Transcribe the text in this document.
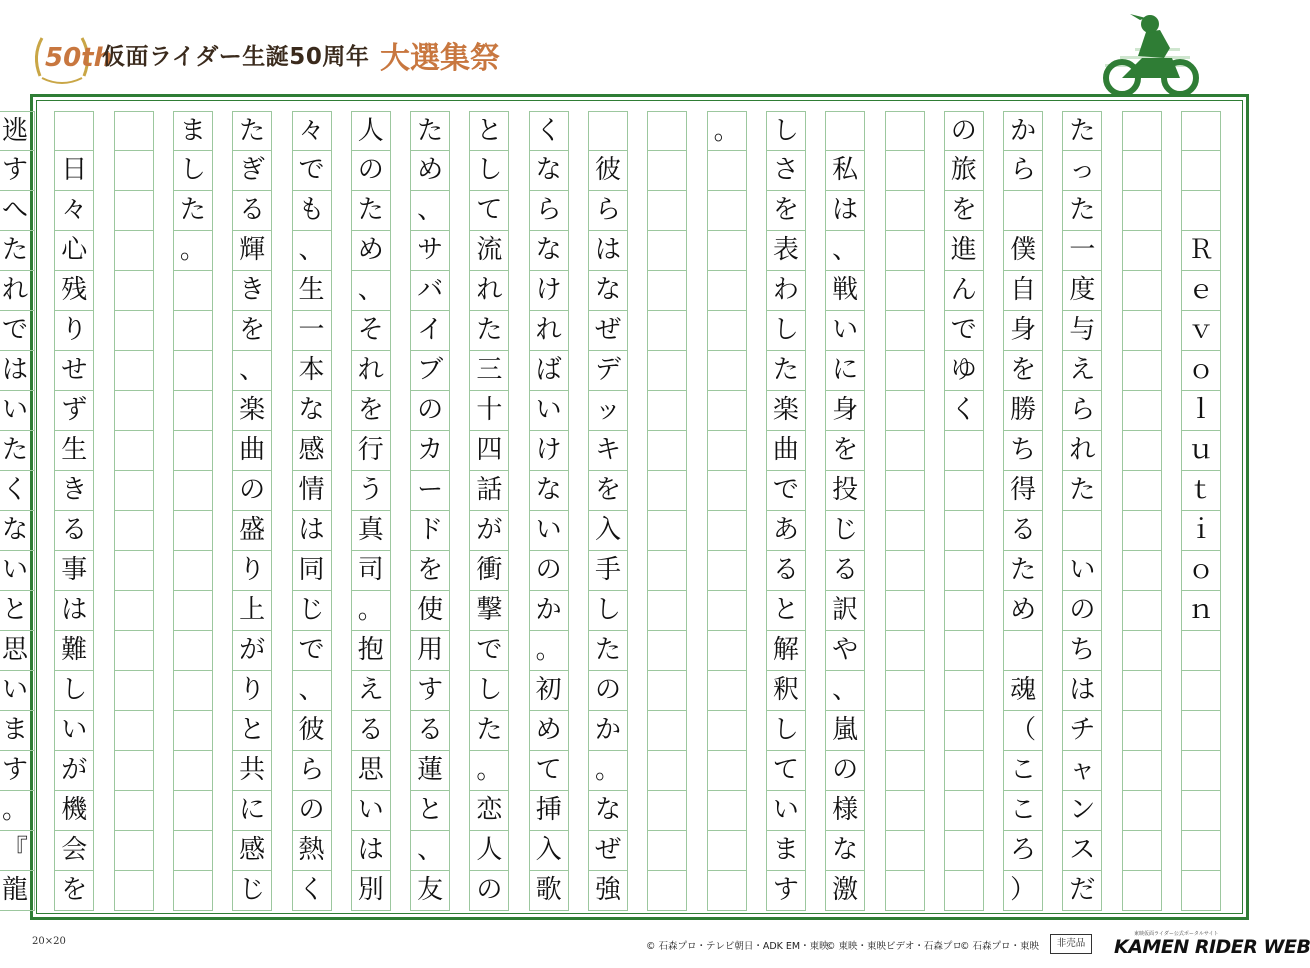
50th
仮面ライダー生誕50周年 大選集祭
Ｒ
ｅ
ｖ
ｏ
ｌ
ｕ
ｔ
ｉ
ｏ
ｎ
た
っ
た
一
度
与
え
ら
れ
た
い
の
ち
は
チ
ャ
ン
ス
だ
か
ら
僕
自
身
を
勝
ち
得
る
た
め
魂
（
こ
こ
ろ
）
の
旅
を
進
ん
で
ゆ
く
私
は
、
戦
い
に
身
を
投
じ
る
訳
や
、
嵐
の
様
な
激
し
さ
を
表
わ
し
た
楽
曲
で
あ
る
と
解
釈
し
て
い
ま
す
。
彼
ら
は
な
ぜ
デ
ッ
キ
を
入
手
し
た
の
か
。
な
ぜ
強
く
な
ら
な
け
れ
ば
い
け
な
い
の
か
。
初
め
て
挿
入
歌
と
し
て
流
れ
た
三
十
四
話
が
衝
撃
で
し
た
。
恋
人
の
た
め
、
サ
バ
イ
ブ
の
カ
ー
ド
を
使
用
す
る
蓮
と
、
友
人
の
た
め
、
そ
れ
を
行
う
真
司
。
抱
え
る
思
い
は
別
々
で
も
、
生
一
本
な
感
情
は
同
じ
で
、
彼
ら
の
熱
く
た
ぎ
る
輝
き
を
、
楽
曲
の
盛
り
上
が
り
と
共
に
感
じ
ま
し
た
。
日
々
心
残
り
せ
ず
生
き
る
事
は
難
し
い
が
機
会
を
逃
す
へ
た
れ
で
は
い
た
く
な
い
と
思
い
ま
す
。
『
龍
20×20	© 石森プロ・テレビ朝日・ADK EM・東映
© 東映・東映ビデオ・石森プロ
© 石森プロ・東映	非売品
東映仮面ライダー公式ポータルサイト
KAMEN RIDER WEB
